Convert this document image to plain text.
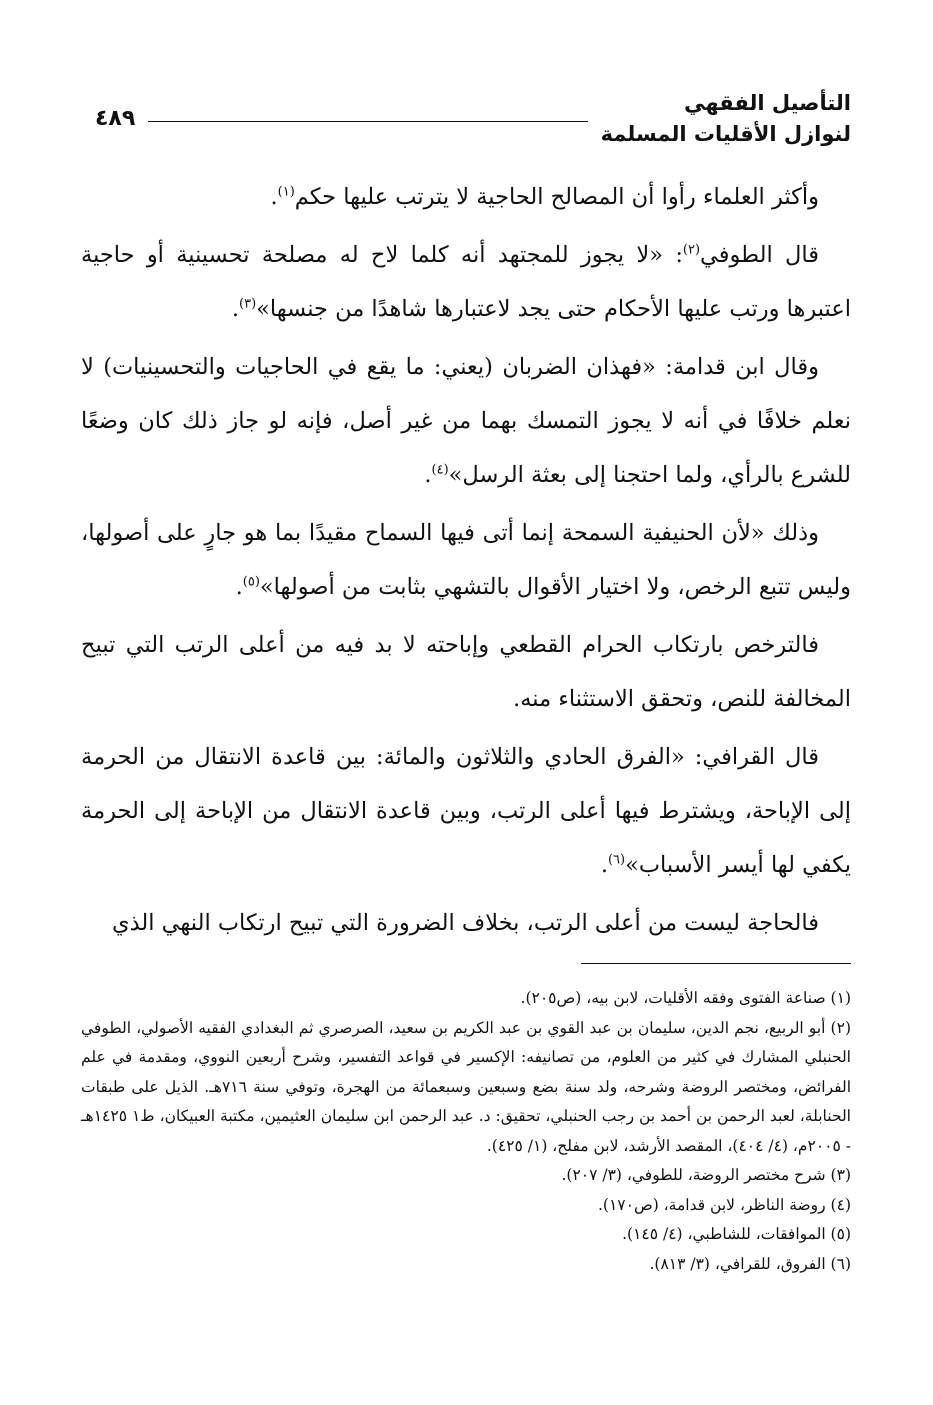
التأصيل الفقهي
لنوازل الأقليات المسلمة
٤٨٩

وأكثر العلماء رأوا أن المصالح الحاجية لا يترتب عليها حكم$^{(١)}$.

قال الطوفي$^{(٢)}$: «لا يجوز للمجتهد أنه كلما لاح له مصلحة تحسينية أو حاجية اعتبرها ورتب عليها الأحكام حتى يجد لاعتبارها شاهدًا من جنسها»$^{(٣)}$.

وقال ابن قدامة: «فهذان الضربان (يعني: ما يقع في الحاجيات والتحسينيات) لا نعلم خلافًا في أنه لا يجوز التمسك بهما من غير أصل، فإنه لو جاز ذلك كان وضعًا للشرع بالرأي، ولما احتجنا إلى بعثة الرسل»$^{(٤)}$.

وذلك «لأن الحنيفية السمحة إنما أتى فيها السماح مقيدًا بما هو جارٍ على أصولها، وليس تتبع الرخص، ولا اختيار الأقوال بالتشهي بثابت من أصولها»$^{(٥)}$.

فالترخص بارتكاب الحرام القطعي وإباحته لا بد فيه من أعلى الرتب التي تبيح المخالفة للنص، وتحقق الاستثناء منه.

قال القرافي: «الفرق الحادي والثلاثون والمائة: بين قاعدة الانتقال من الحرمة إلى الإباحة، ويشترط فيها أعلى الرتب، وبين قاعدة الانتقال من الإباحة إلى الحرمة يكفي لها أيسر الأسباب»$^{(٦)}$.

فالحاجة ليست من أعلى الرتب، بخلاف الضرورة التي تبيح ارتكاب النهي الذي

(١) صناعة الفتوى وفقه الأقليات، لابن بيه، (ص٢٠٥).

(٢) أبو الربيع، نجم الدين، سليمان بن عبد القوي بن عبد الكريم بن سعيد، الصرصري ثم البغدادي الفقيه الأصولي، الطوفي الحنبلي المشارك في كثير من العلوم، من تصانيفه: الإكسير في قواعد التفسير، وشرح أربعين النووي، ومقدمة في علم الفرائض، ومختصر الروضة وشرحه، ولد سنة بضع وسبعين وسبعمائة من الهجرة، وتوفي سنة ٧١٦هـ. الذيل على طبقات الحنابلة، لعبد الرحمن بن أحمد بن رجب الحنبلي، تحقيق: د. عبد الرحمن ابن سليمان العثيمين، مكتبة العبيكان، ط١ ١٤٢٥هـ - ٢٠٠٥م، (٤/ ٤٠٤)، المقصد الأرشد، لابن مفلح، (١/ ٤٢٥).

(٣) شرح مختصر الروضة، للطوفي، (٣/ ٢٠٧).

(٤) روضة الناظر، لابن قدامة، (ص١٧٠).

(٥) الموافقات، للشاطبي، (٤/ ١٤٥).

(٦) الفروق، للقرافي، (٣/ ٨١٣).
